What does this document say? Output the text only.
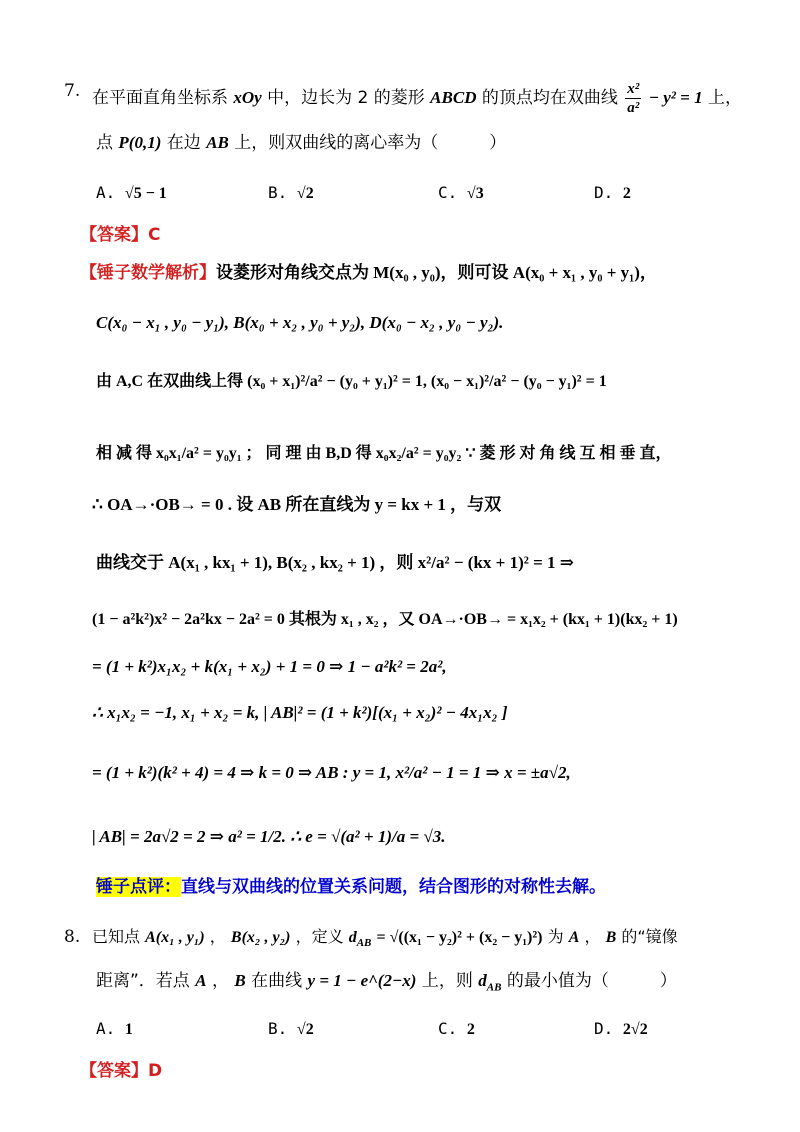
7. 在平面直角坐标系 xOy 中，边长为 2 的菱形 ABCD 的顶点均在双曲线 $\frac{\text{x²}}{\text{a²}} - y^2 = 1$ 上，
点 P(0,1) 在边 AB 上，则双曲线的离心率为（　　　）
A. √5 − 1	B. √2	C. √3	D. 2
【答案】C
【锤子数学解析】设菱形对角线交点为 M(x₀ , y₀)，则可设 A(x₀ + x₁ , y₀ + y₁)，
C(x₀ − x₁ , y₀ − y₁), B(x₀ + x₂ , y₀ + y₂), D(x₀ − x₂ , y₀ − y₂).
由 A,C 在双曲线上得 (x₀ + x₁)²/a² − (y₀ + y₁)² = 1, (x₀ − x₁)²/a² − (y₀ − y₁)² = 1
相 减 得 x₀x₁/a² = y₀y₁ ； 同 理 由 B,D 得 x₀x₂/a² = y₀y₂ ∵ 菱 形 对 角 线 互 相 垂 直，
∴ OA→·OB→ = 0 . 设 AB 所在直线为 y = kx + 1 ，与双
曲线交于 A(x₁ , kx₁ + 1), B(x₂ , kx₂ + 1) ，则 x²/a² − (kx + 1)² = 1 ⇒
(1 − a²k²)x² − 2a²kx − 2a² = 0 其根为 x₁ , x₂ ，又 OA→·OB→ = x₁x₂ + (kx₁ + 1)(kx₂ + 1)
= (1 + k²)x₁x₂ + k(x₁ + x₂) + 1 = 0 ⇒ 1 − a²k² = 2a²,
∴ x₁x₂ = −1, x₁ + x₂ = k, | AB|² = (1 + k²)[(x₁ + x₂)² − 4x₁x₂ ]
= (1 + k²)(k² + 4) = 4 ⇒ k = 0 ⇒ AB : y = 1, x²/a² − 1 = 1 ⇒ x = ±a√2,
| AB| = 2a√2 = 2 ⇒ a² = 1/2. ∴ e = √(a² + 1)/a = √3.
锤子点评：直线与双曲线的位置关系问题，结合图形的对称性去解。
8. 已知点 A(x₁ , y₁) ， B(x₂ , y₂) ，定义 $d_{AB} = √((x_1 - y_2)^2 + (x_2 - y_1)^2)$ 为 A ， B 的“镜像
距离”．若点 A ， B 在曲线 y = 1 − e^(2−x) 上，则 $d_{AB}$ 的最小值为（　　　）
A. 1	B. √2	C. 2	D. 2√2
【答案】D
